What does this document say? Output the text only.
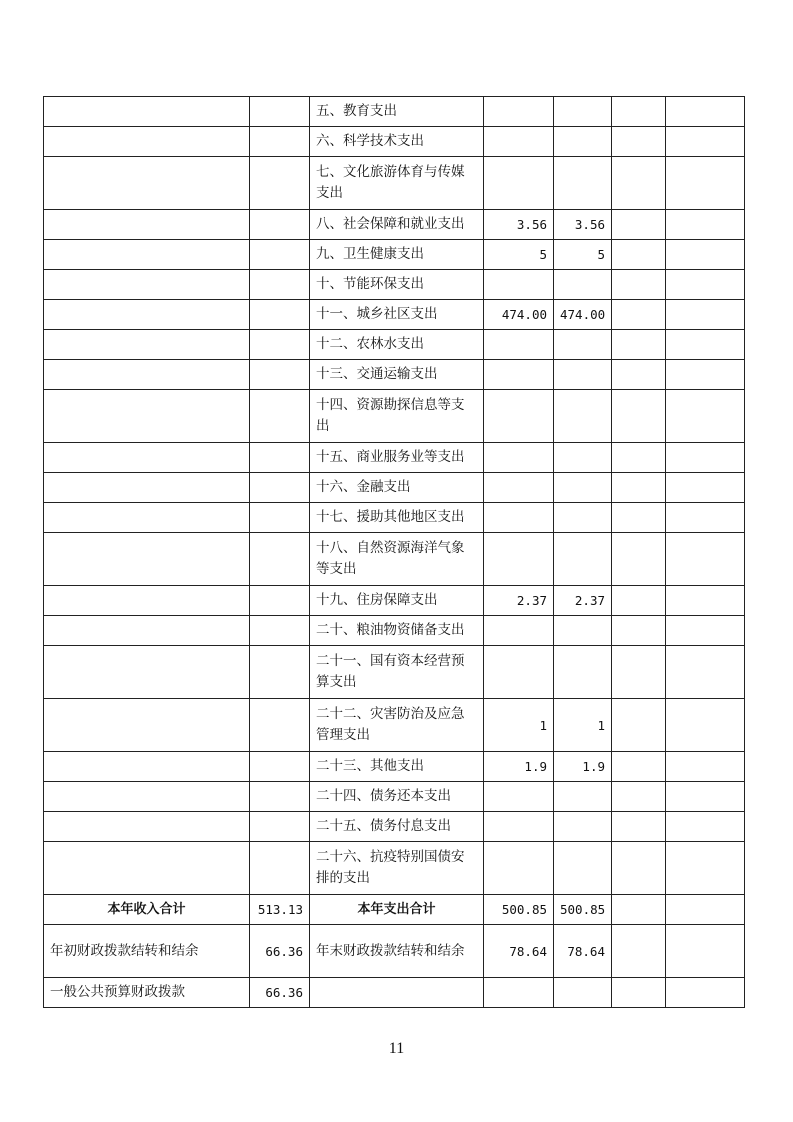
		五、教育支出				
		六、科学技术支出				
		七、文化旅游体育与传媒支出				
		八、社会保障和就业支出	3.56	3.56		
		九、卫生健康支出	5	5		
		十、节能环保支出				
		十一、城乡社区支出	474.00	474.00		
		十二、农林水支出				
		十三、交通运输支出				
		十四、资源勘探信息等支出				
		十五、商业服务业等支出				
		十六、金融支出				
		十七、援助其他地区支出				
		十八、自然资源海洋气象等支出				
		十九、住房保障支出	2.37	2.37		
		二十、粮油物资储备支出				
		二十一、国有资本经营预算支出				
		二十二、灾害防治及应急管理支出	1	1		
		二十三、其他支出	1.9	1.9		
		二十四、债务还本支出				
		二十五、债务付息支出				
		二十六、抗疫特别国债安排的支出				
本年收入合计	513.13	本年支出合计	500.85	500.85		
年初财政拨款结转和结余	66.36	年末财政拨款结转和结余	78.64	78.64		
一般公共预算财政拨款	66.36					
11
